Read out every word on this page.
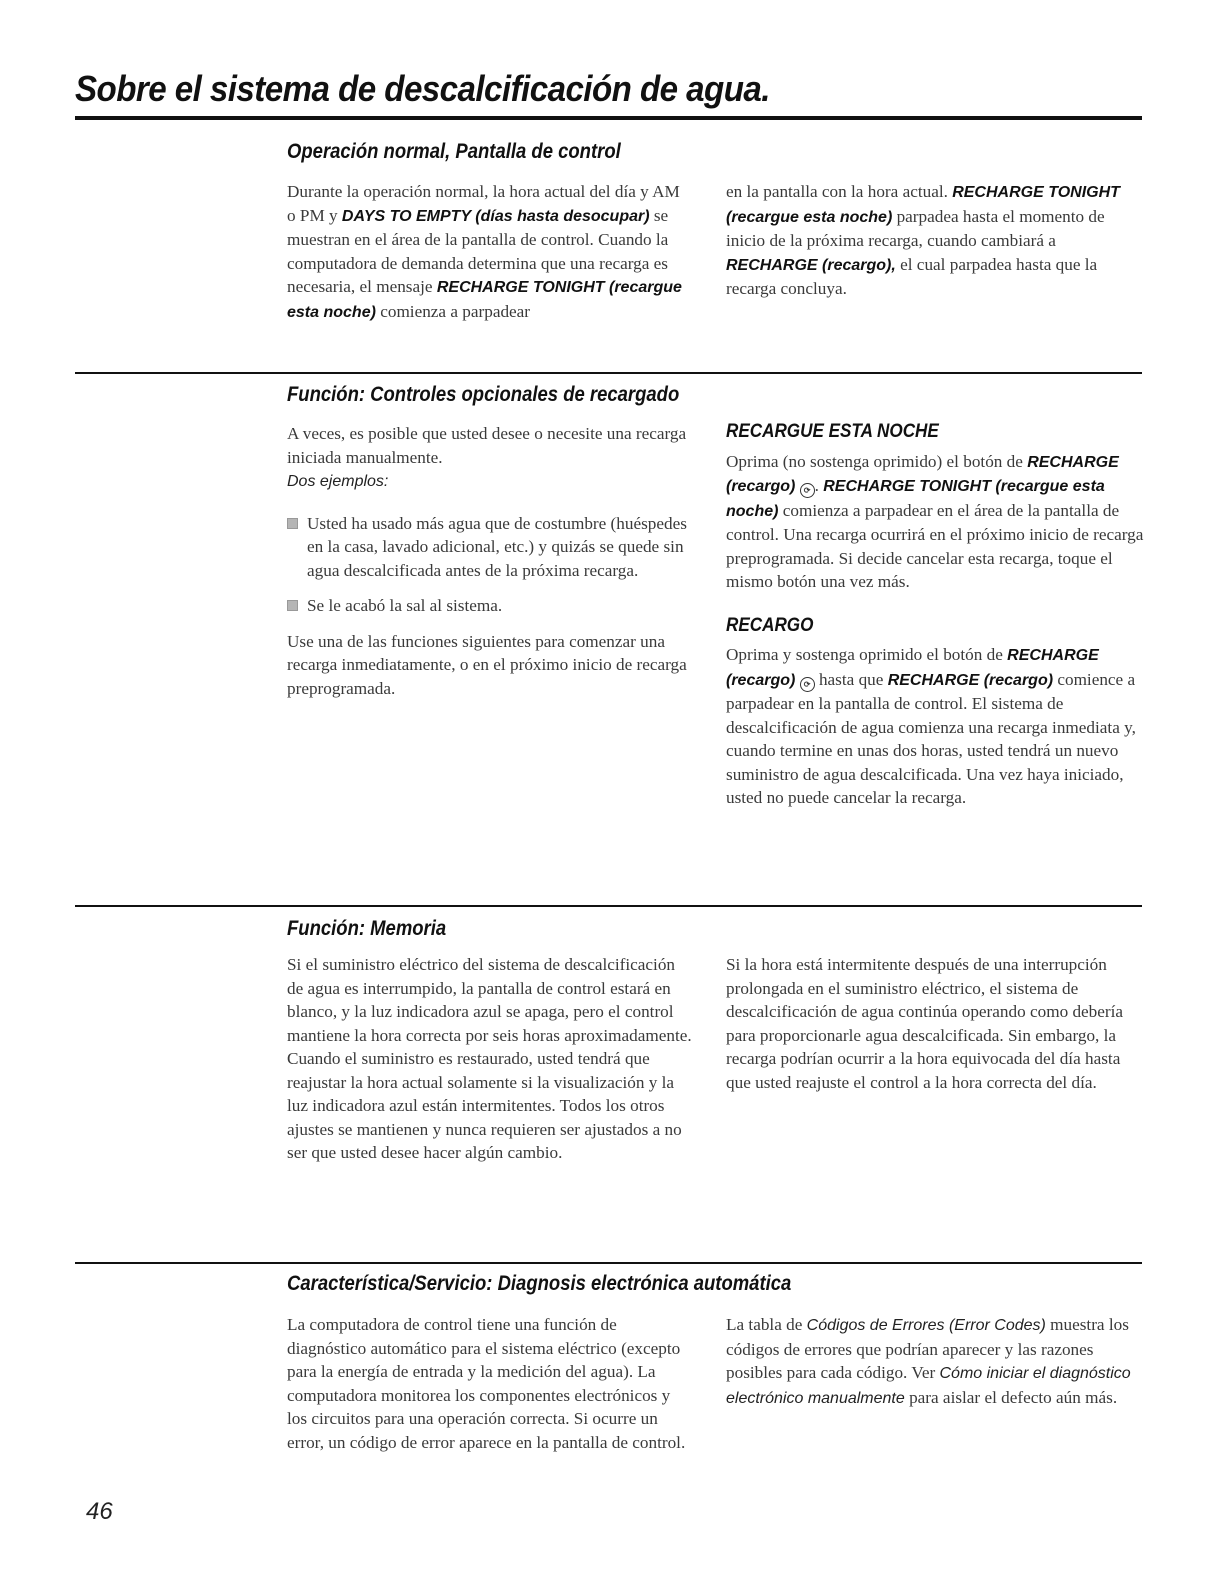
Sobre el sistema de descalcificación de agua.
Operación normal, Pantalla de control

Durante la operación normal, la hora actual del día y AM o PM y DAYS TO EMPTY (días hasta desocupar) se muestran en el área de la pantalla de control. Cuando la computadora de demanda determina que una recarga es necesaria, el mensaje RECHARGE TONIGHT (recargue esta noche) comienza a parpadear

en la pantalla con la hora actual. RECHARGE TONIGHT (recargue esta noche) parpadea hasta el momento de inicio de la próxima recarga, cuando cambiará a RECHARGE (recargo), el cual parpadea hasta que la recarga concluya.

Función: Controles opcionales de recargado

A veces, es posible que usted desee o necesite una recarga iniciada manualmente.
Dos ejemplos:

Usted ha usado más agua que de costumbre (huéspedes en la casa, lavado adicional, etc.) y quizás se quede sin agua descalcificada antes de la próxima recarga.
Se le acabó la sal al sistema.

Use una de las funciones siguientes para comenzar una recarga inmediatamente, o en el próximo inicio de recarga preprogramada.

RECARGUE ESTA NOCHE

Oprima (no sostenga oprimido) el botón de RECHARGE (recargo) ⟳ . RECHARGE TONIGHT (recargue esta noche) comienza a parpadear en el área de la pantalla de control. Una recarga ocurrirá en el próximo inicio de recarga preprogramada. Si decide cancelar esta recarga, toque el mismo botón una vez más.

RECARGO

Oprima y sostenga oprimido el botón de RECHARGE (recargo) ⟳ hasta que RECHARGE (recargo) comience a parpadear en la pantalla de control. El sistema de descalcificación de agua comienza una recarga inmediata y, cuando termine en unas dos horas, usted tendrá un nuevo suministro de agua descalcificada. Una vez haya iniciado, usted no puede cancelar la recarga.

Función: Memoria

Si el suministro eléctrico del sistema de descalcificación de agua es interrumpido, la pantalla de control estará en blanco, y la luz indicadora azul se apaga, pero el control mantiene la hora correcta por seis horas aproximadamente. Cuando el suministro es restaurado, usted tendrá que reajustar la hora actual solamente si la visualización y la luz indicadora azul están intermitentes. Todos los otros ajustes se mantienen y nunca requieren ser ajustados a no ser que usted desee hacer algún cambio.

Si la hora está intermitente después de una interrupción prolongada en el suministro eléctrico, el sistema de descalcificación de agua continúa operando como debería para proporcionarle agua descalcificada. Sin embargo, la recarga podrían ocurrir a la hora equivocada del día hasta que usted reajuste el control a la hora correcta del día.

Característica/Servicio: Diagnosis electrónica automática

La computadora de control tiene una función de diagnóstico automático para el sistema eléctrico (excepto para la energía de entrada y la medición del agua). La computadora monitorea los componentes electrónicos y los circuitos para una operación correcta. Si ocurre un error, un código de error aparece en la pantalla de control.

La tabla de Códigos de Errores (Error Codes) muestra los códigos de errores que podrían aparecer y las razones posibles para cada código. Ver Cómo iniciar el diagnóstico electrónico manualmente para aislar el defecto aún más.

46
